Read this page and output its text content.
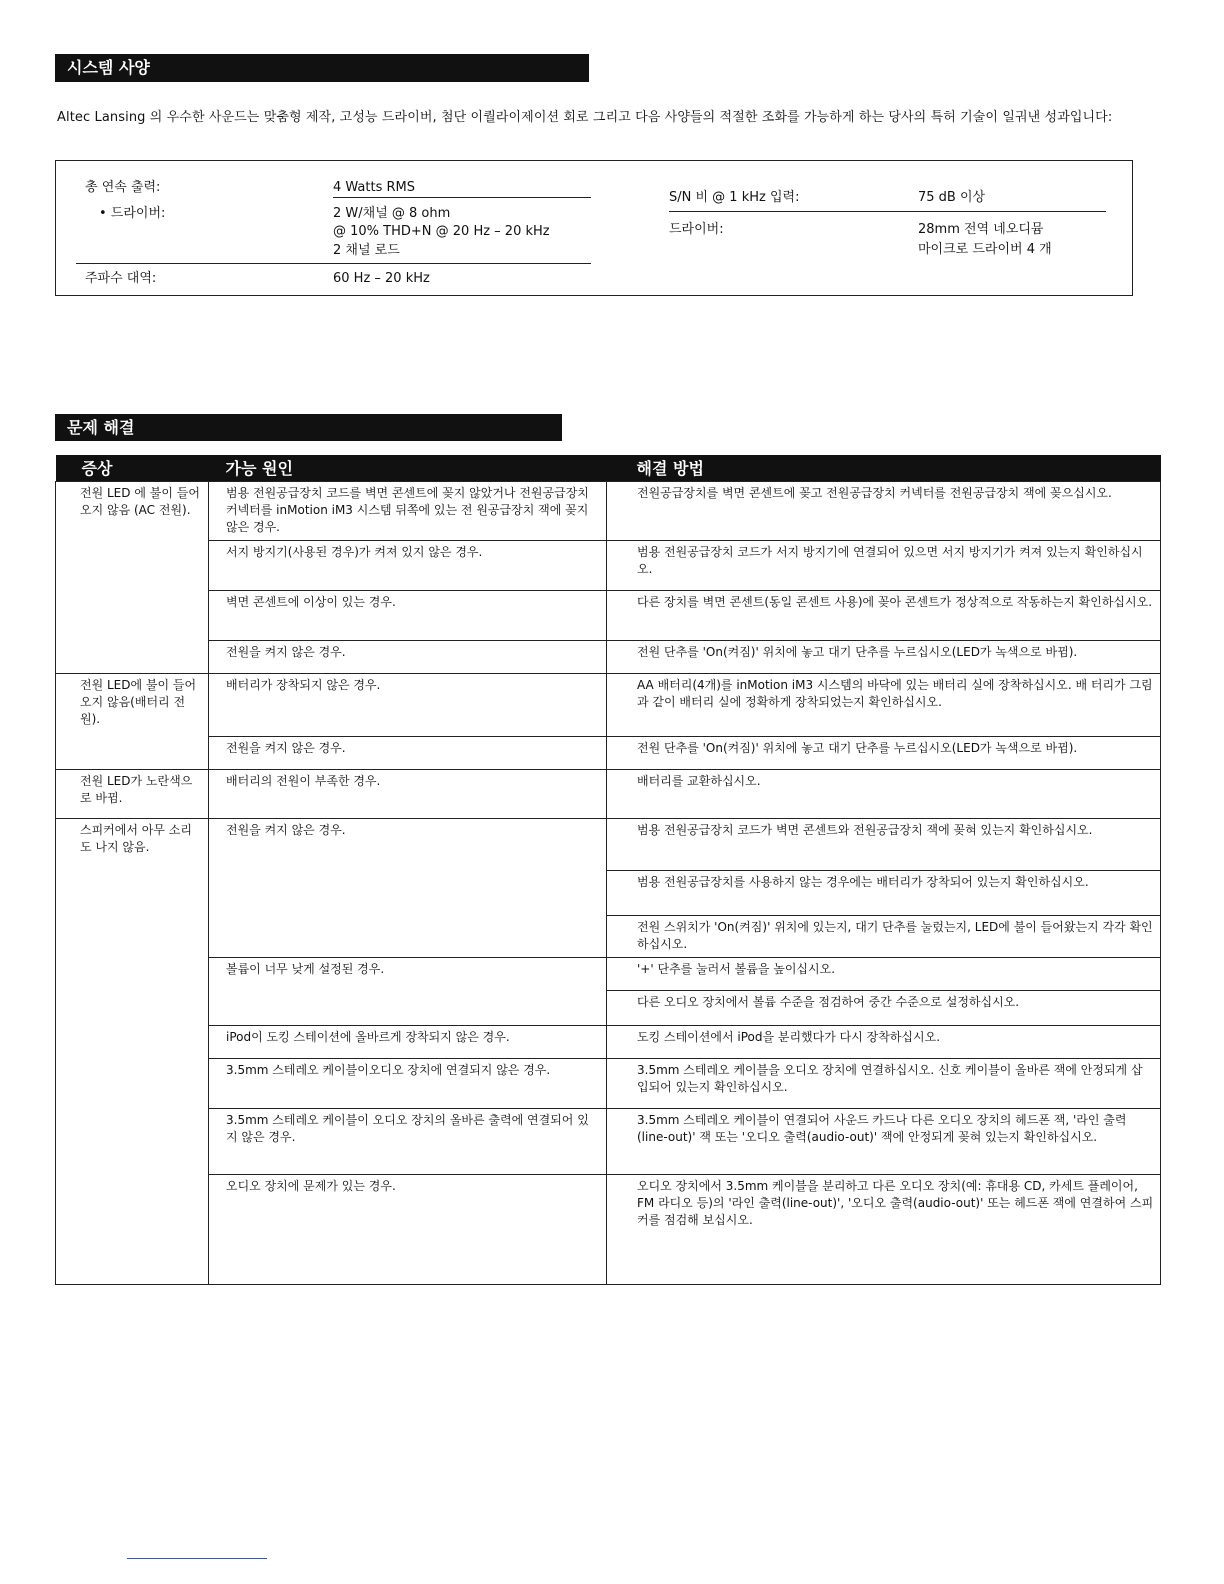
시스템 사양
Altec Lansing 의 우수한 사운드는 맞춤형 제작, 고성능 드라이버, 첨단 이퀄라이제이션 회로 그리고 다음 사양들의 적절한 조화를 가능하게 하는 당사의 특허 기술이 일궈낸 성과입니다:
총 연속 출력:	4 Watts RMS
• 드라이버:	2 W/채널 @ 8 ohm
@ 10% THD+N @ 20 Hz – 20 kHz
2 채널 로드
주파수 대역:	60 Hz – 20 kHz
S/N 비 @ 1 kHz 입력:	75 dB 이상
드라이버:	28mm 전역 네오디뮴
마이크로 드라이버 4 개
문제 해결
증상	가능 원인	해결 방법
전원 LED 에 불이 들어오지 않음 (AC 전원).	범용 전원공급장치 코드를 벽면 콘센트에 꽂지 않았거나 전원공급장치 커넥터를 inMotion iM3 시스템 뒤쪽에 있는 전 원공급장치 잭에 꽂지 않은 경우.	전원공급장치를 벽면 콘센트에 꽂고 전원공급장치 커넥터를 전원공급장치 잭에 꽂으십시오.
	서지 방지기(사용된 경우)가 켜져 있지 않은 경우.	범용 전원공급장치 코드가 서지 방지기에 연결되어 있으면 서지 방지기가 켜져 있는지 확인하십시오.
	벽면 콘센트에 이상이 있는 경우.	다른 장치를 벽면 콘센트(동일 콘센트 사용)에 꽂아 콘센트가 정상적으로 작동하는지 확인하십시오.
	전원을 켜지 않은 경우.	전원 단추를 'On(켜짐)' 위치에 놓고 대기 단추를 누르십시오(LED가 녹색으로 바뀜).
전원 LED에 불이 들어오지 않음(배터리 전원).	배터리가 장착되지 않은 경우.	AA 배터리(4개)를 inMotion iM3 시스템의 바닥에 있는 배터리 실에 장착하십시오. 배 터리가 그림과 같이 배터리 실에 정확하게 장착되었는지 확인하십시오.
	전원을 켜지 않은 경우.	전원 단추를 'On(켜짐)' 위치에 놓고 대기 단추를 누르십시오(LED가 녹색으로 바뀜).
전원 LED가 노란색으로 바뀜.	배터리의 전원이 부족한 경우.	배터리를 교환하십시오.
스피커에서 아무 소리도 나지 않음.	전원을 켜지 않은 경우.	범용 전원공급장치 코드가 벽면 콘센트와 전원공급장치 잭에 꽂혀 있는지 확인하십시오.
		범용 전원공급장치를 사용하지 않는 경우에는 배터리가 장착되어 있는지 확인하십시오.
		전원 스위치가 'On(켜짐)' 위치에 있는지, 대기 단추를 눌렀는지, LED에 불이 들어왔는지 각각 확인하십시오.
	볼륨이 너무 낮게 설정된 경우.	'+' 단추를 눌러서 볼륨을 높이십시오.
		다른 오디오 장치에서 볼륨 수준을 점검하여 중간 수준으로 설정하십시오.
	iPod이 도킹 스테이션에 올바르게 장착되지 않은 경우.	도킹 스테이션에서 iPod을 분리했다가 다시 장착하십시오.
	3.5mm 스테레오 케이블이오디오 장치에 연결되지 않은 경우.	3.5mm 스테레오 케이블을 오디오 장치에 연결하십시오. 신호 케이블이 올바른 잭에 안정되게 삽입되어 있는지 확인하십시오.
	3.5mm 스테레오 케이블이 오디오 장치의 올바른 출력에 연결되어 있지 않은 경우.	3.5mm 스테레오 케이블이 연결되어 사운드 카드나 다른 오디오 장치의 헤드폰 잭, '라인 출력(line-out)' 잭 또는 '오디오 출력(audio-out)' 잭에 안정되게 꽂혀 있는지 확인하십시오.
	오디오 장치에 문제가 있는 경우.	오디오 장치에서 3.5mm 케이블을 분리하고 다른 오디오 장치(예: 휴대용 CD, 카세트 플레이어, FM 라디오 등)의 '라인 출력(line-out)', '오디오 출력(audio-out)' 또는 헤드폰 잭에 연결하여 스피커를 점검해 보십시오.
